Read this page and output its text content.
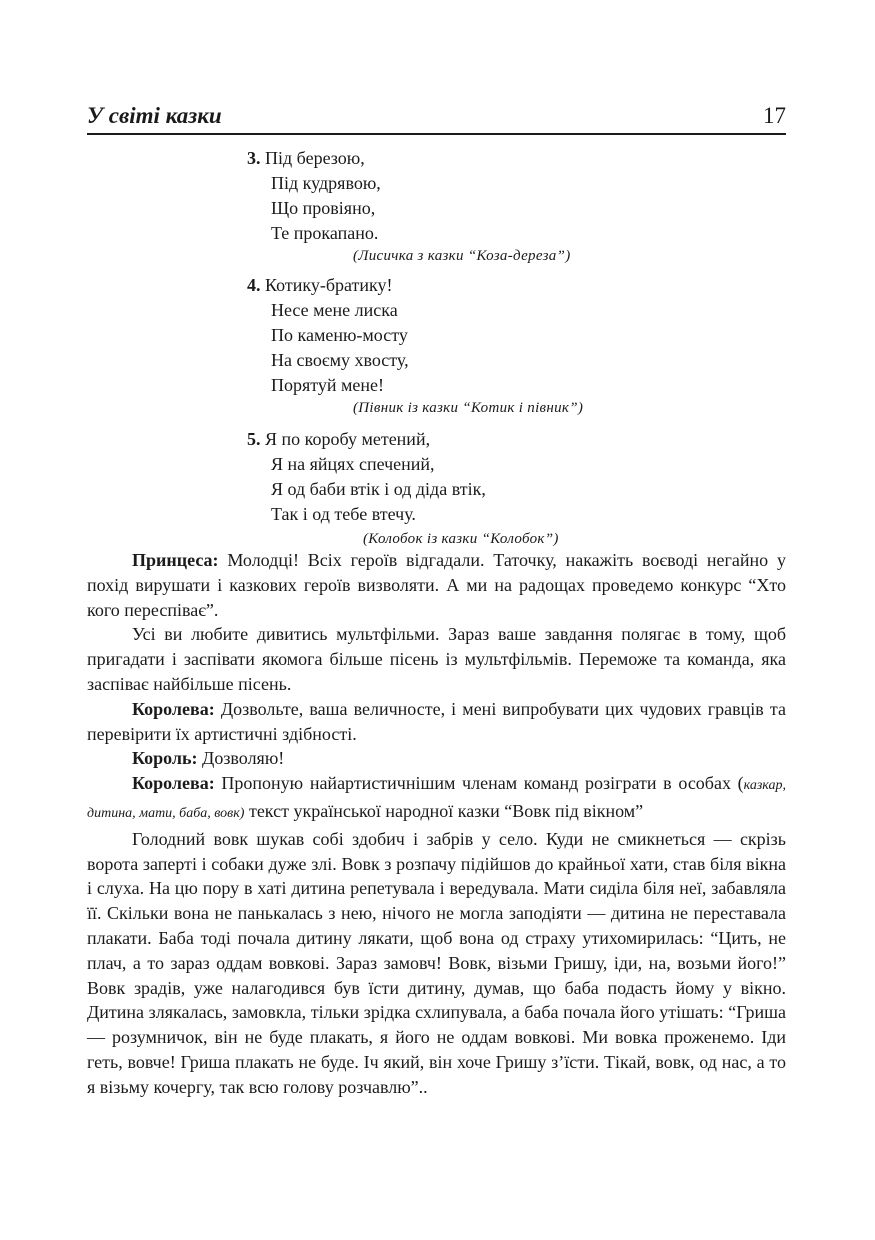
У світі казки	17
3. Під березою,
Під кудрявою,
Що провіяно,
Те прокапано.
(Лисичка з казки “Коза-дереза”)
4. Котику-братику!
Несе мене лиска
По каменю-мосту
На своєму хвосту,
Порятуй мене!
(Півник із казки “Котик і півник”)
5. Я по коробу метений,
Я на яйцях спечений,
Я од баби втік і од діда втік,
Так і од тебе втечу.
(Колобок із казки “Колобок”)

Принцеса: Молодці! Всіх героїв відгадали. Таточку, накажіть воєводі негайно у похід вирушати і казкових героїв визволяти. А ми на радощах проведемо конкурс “Хто кого переспіває”.

Усі ви любите дивитись мультфільми. Зараз ваше завдання полягає в тому, щоб пригадати і заспівати якомога більше пісень із мультфільмів. Переможе та команда, яка заспіває найбільше пісень.

Королева: Дозвольте, ваша величносте, і мені випробувати цих чудових гравців та перевірити їх артистичні здібності.

Король: Дозволяю!

Королева: Пропоную найартистичнішим членам команд розіграти в особах (казкар, дитина, мати, баба, вовк) текст української народної казки “Вовк під вікном”

Голодний вовк шукав собі здобич і забрів у село. Куди не смикнеться — скрізь ворота заперті і собаки дуже злі. Вовк з розпачу підійшов до крайньої хати, став біля вікна і слуха. На цю пору в хаті дитина репетувала і вередувала. Мати сиділа біля неї, забавляла її. Скільки вона не панькалась з нею, нічого не могла заподіяти — дитина не переставала плакати. Баба тоді почала дитину лякати, щоб вона од страху утихомирилась: “Цить, не плач, а то зараз оддам вовкові. Зараз замовч! Вовк, візьми Гришу, іди, на, возьми його!” Вовк зрадів, уже налагодився був їсти дитину, думав, що баба подасть йому у вікно. Дитина злякалась, замовкла, тільки зрідка схлипувала, а баба почала його утішать: “Гриша — розумничок, він не буде плакать, я його не оддам вовкові. Ми вовка проженемо. Іди геть, вовче! Гриша плакать не буде. Іч який, він хоче Гришу з’їсти. Тікай, вовк, од нас, а то я візьму кочергу, так всю голову розчавлю”..
